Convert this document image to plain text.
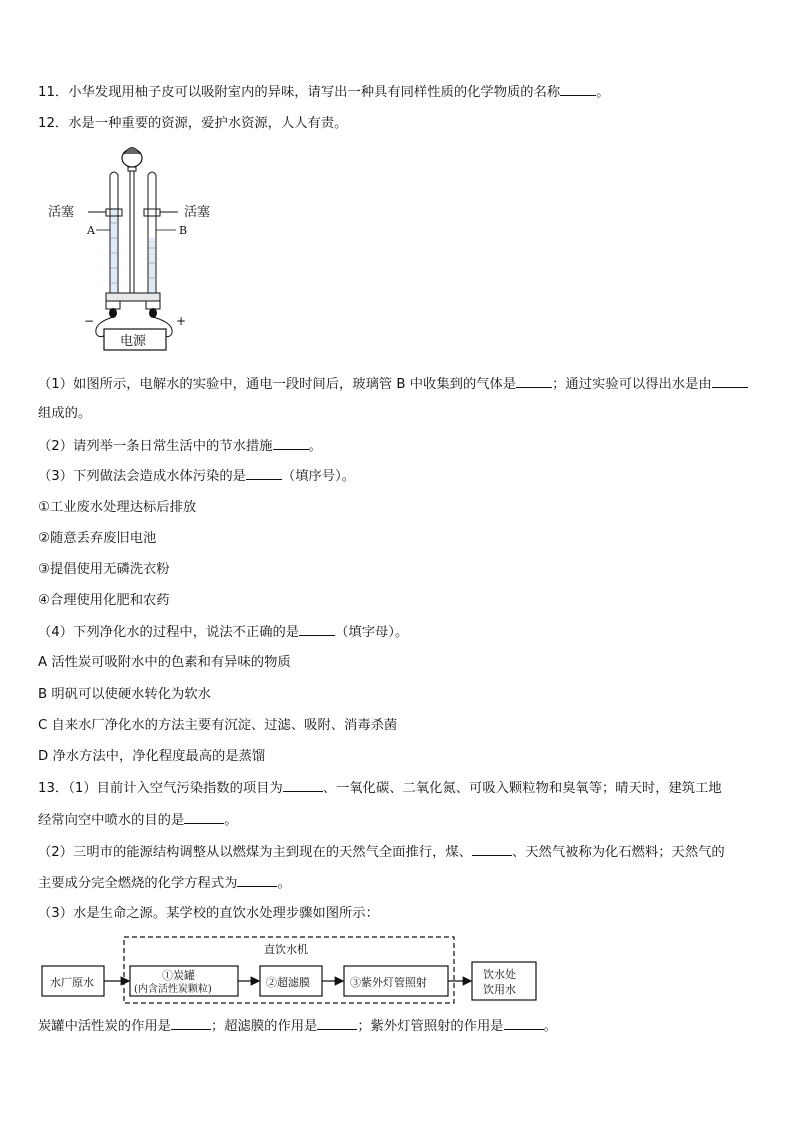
11．小华发现用柚子皮可以吸附室内的异味，请写出一种具有同样性质的化学物质的名称	。
12．水是一种重要的资源，爱护水资源，人人有责。
活塞	活塞
A	B
−	+
电源
（1）如图所示，电解水的实验中，通电一段时间后，玻璃管 B 中收集到的气体是	；通过实验可以得出水是由
组成的。
（2）请列举一条日常生活中的节水措施	。
（3）下列做法会造成水体污染的是	（填序号）。
①工业废水处理达标后排放
②随意丢弃废旧电池
③提倡使用无磷洗衣粉
④合理使用化肥和农药
（4）下列净化水的过程中，说法不正确的是	（填字母）。
A 活性炭可吸附水中的色素和有异味的物质
B 明矾可以使硬水转化为软水
C 自来水厂净化水的方法主要有沉淀、过滤、吸附、消毒杀菌
D 净水方法中，净化程度最高的是蒸馏
13．（1）目前计入空气污染指数的项目为	、一氧化碳、二氧化氮、可吸入颗粒物和臭氧等；晴天时，建筑工地
经常向空中喷水的目的是	。
（2）三明市的能源结构调整从以燃煤为主到现在的天然气全面推行，煤、	、天然气被称为化石燃料；天然气的
主要成分完全燃烧的化学方程式为	。
（3）水是生命之源。某学校的直饮水处理步骤如图所示：
直饮水机
水厂原水
①炭罐
(内含活性炭颗粒)
②超滤膜	③紫外灯管照射
饮水处
饮用水
炭罐中活性炭的作用是	；超滤膜的作用是	；紫外灯管照射的作用是	。
